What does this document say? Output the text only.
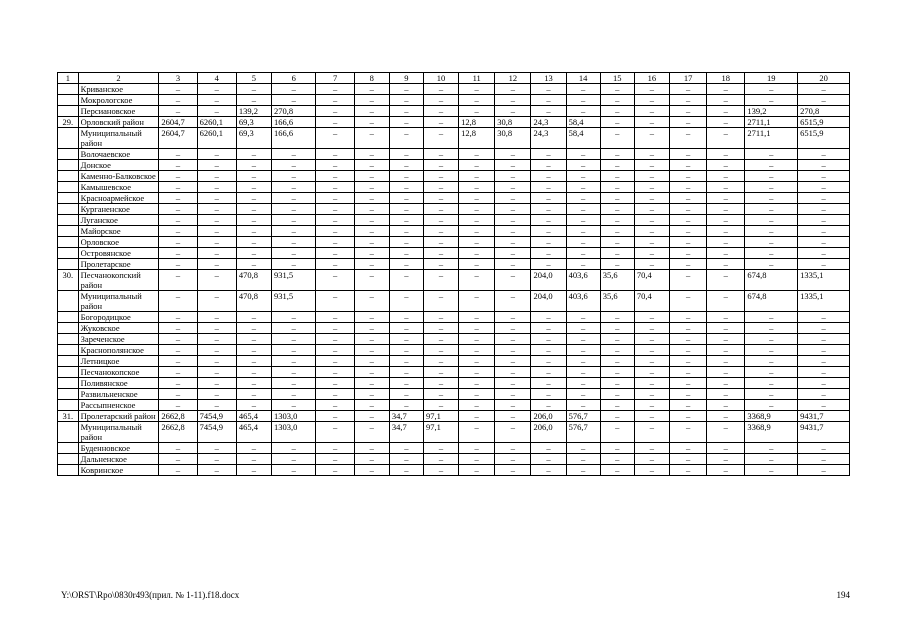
1	2	3	4	5	6	7	8	9	10	11	12	13	14	15	16	17	18	19	20
	Криванское	–	–	–	–	–	–	–	–	–	–	–	–	–	–	–	–	–	–
	Мокрологское	–	–	–	–	–	–	–	–	–	–	–	–	–	–	–	–	–	–
	Персиановское	–	–	139,2	270,8	–	–	–	–	–	–	–	–	–	–	–	–	139,2	270,8
29.	Орловский район	2604,7	6260,1	69,3	166,6	–	–	–	–	12,8	30,8	24,3	58,4	–	–	–	–	2711,1	6515,9
	Муниципальный район	2604,7	6260,1	69,3	166,6	–	–	–	–	12,8	30,8	24,3	58,4	–	–	–	–	2711,1	6515,9
	Волочаевское	–	–	–	–	–	–	–	–	–	–	–	–	–	–	–	–	–	–
	Донское	–	–	–	–	–	–	–	–	–	–	–	–	–	–	–	–	–	–
	Каменно-Балковское	–	–	–	–	–	–	–	–	–	–	–	–	–	–	–	–	–	–
	Камышевское	–	–	–	–	–	–	–	–	–	–	–	–	–	–	–	–	–	–
	Красноармейское	–	–	–	–	–	–	–	–	–	–	–	–	–	–	–	–	–	–
	Курганенское	–	–	–	–	–	–	–	–	–	–	–	–	–	–	–	–	–	–
	Луганское	–	–	–	–	–	–	–	–	–	–	–	–	–	–	–	–	–	–
	Майорское	–	–	–	–	–	–	–	–	–	–	–	–	–	–	–	–	–	–
	Орловское	–	–	–	–	–	–	–	–	–	–	–	–	–	–	–	–	–	–
	Островянское	–	–	–	–	–	–	–	–	–	–	–	–	–	–	–	–	–	–
	Пролетарское	–	–	–	–	–	–	–	–	–	–	–	–	–	–	–	–	–	–
30.	Песчанокопский район	–	–	470,8	931,5	–	–	–	–	–	–	204,0	403,6	35,6	70,4	–	–	674,8	1335,1
	Муниципальный район	–	–	470,8	931,5	–	–	–	–	–	–	204,0	403,6	35,6	70,4	–	–	674,8	1335,1
	Богородицкое	–	–	–	–	–	–	–	–	–	–	–	–	–	–	–	–	–	–
	Жуковское	–	–	–	–	–	–	–	–	–	–	–	–	–	–	–	–	–	–
	Зареченское	–	–	–	–	–	–	–	–	–	–	–	–	–	–	–	–	–	–
	Краснополянское	–	–	–	–	–	–	–	–	–	–	–	–	–	–	–	–	–	–
	Летницкое	–	–	–	–	–	–	–	–	–	–	–	–	–	–	–	–	–	–
	Песчанокопское	–	–	–	–	–	–	–	–	–	–	–	–	–	–	–	–	–	–
	Поливянское	–	–	–	–	–	–	–	–	–	–	–	–	–	–	–	–	–	–
	Развильненское	–	–	–	–	–	–	–	–	–	–	–	–	–	–	–	–	–	–
	Рассыпненское	–	–	–	–	–	–	–	–	–	–	–	–	–	–	–	–	–	–
31.	Пролетарский район	2662,8	7454,9	465,4	1303,0	–	–	34,7	97,1	–	–	206,0	576,7	–	–	–	–	3368,9	9431,7
	Муниципальный район	2662,8	7454,9	465,4	1303,0	–	–	34,7	97,1	–	–	206,0	576,7	–	–	–	–	3368,9	9431,7
	Буденновское	–	–	–	–	–	–	–	–	–	–	–	–	–	–	–	–	–	–
	Дальненское	–	–	–	–	–	–	–	–	–	–	–	–	–	–	–	–	–	–
	Ковринское	–	–	–	–	–	–	–	–	–	–	–	–	–	–	–	–	–	–
Y:\ORST\Rpo\0830r493(прил. № 1-11).f18.docx	194
